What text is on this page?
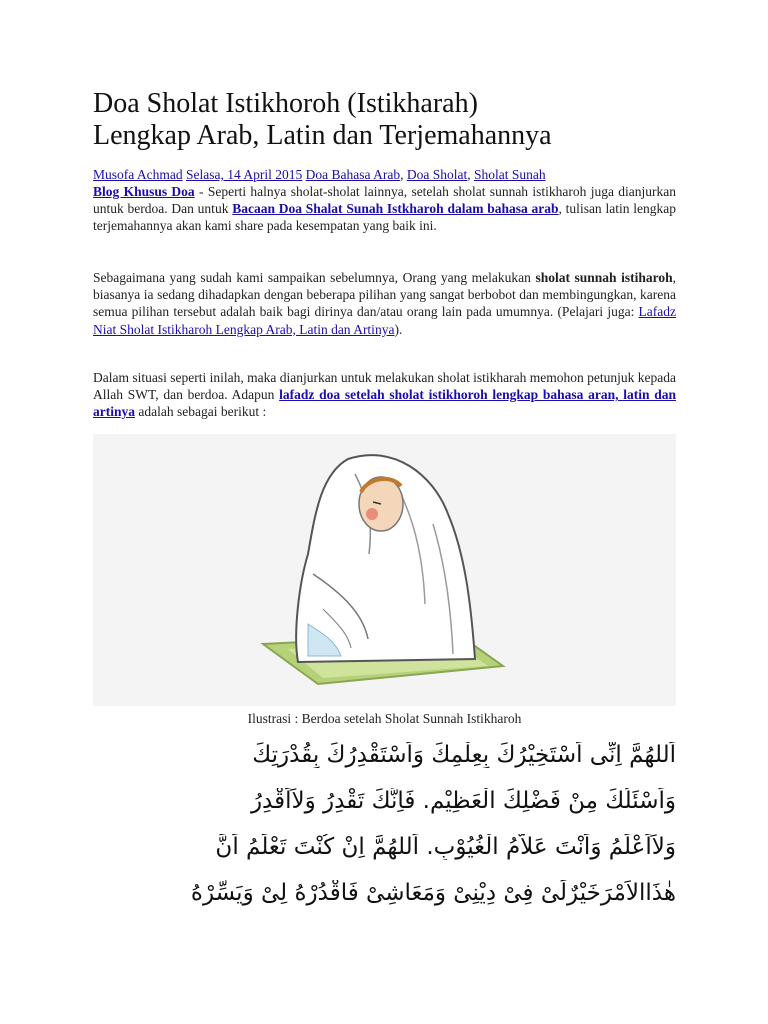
Doa Sholat Istikhoroh (Istikharah)
Lengkap Arab, Latin dan Terjemahannya
Musofa Achmad Selasa, 14 April 2015 Doa Bahasa Arab, Doa Sholat, Sholat Sunah

Blog Khusus Doa - Seperti halnya sholat-sholat lainnya, setelah sholat sunnah istikharoh juga dianjurkan untuk berdoa. Dan untuk Bacaan Doa Shalat Sunah Istkharoh dalam bahasa arab, tulisan latin lengkap terjemahannya akan kami share pada kesempatan yang baik ini.

Sebagaimana yang sudah kami sampaikan sebelumnya, Orang yang melakukan sholat sunnah istiharoh, biasanya ia sedang dihadapkan dengan beberapa pilihan yang sangat berbobot dan membingungkan, karena semua pilihan tersebut adalah baik bagi dirinya dan/atau orang lain pada umumnya. (Pelajari juga: Lafadz Niat Sholat Istikharoh Lengkap Arab, Latin dan Artinya).

Dalam situasi seperti inilah, maka dianjurkan untuk melakukan sholat istikharah memohon petunjuk kepada Allah SWT, dan berdoa. Adapun lafadz doa setelah sholat istikhoroh lengkap bahasa aran, latin dan artinya adalah sebagai berikut :

Ilustrasi : Berdoa setelah Sholat Sunnah Istikharoh
اَللهُمَّ اِنِّى اَسْتَخِيْرُكَ بِعِلْمِكَ وَاَسْتَقْدِرُكَ بِقُدْرَتِكَ
وَاَسْئَلُكَ مِنْ فَضْلِكَ الْعَظِيْمِ. فَاِنَّكَ تَقْدِرُ وَلاَاَقْدِرُ
وَلاَاَعْلَمُ وَاَنْتَ عَلاَّمُ الْغُيُوْبِ. اَللهُمَّ اِنْ كُنْتَ تَعْلَمُ اَنَّ
هٰذَاالاَمْرَخَيْرٌلِّىْ فِىْ دِيْنِىْ وَمَعَاشِىْ فَاقْدُرْهُ لِىْ وَيَسِّرْهُ
